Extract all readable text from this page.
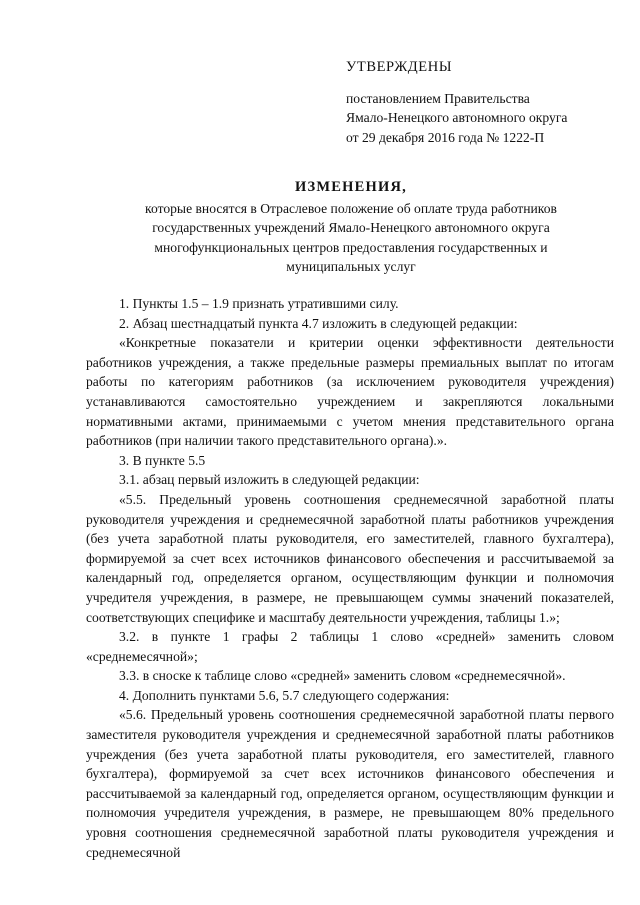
УТВЕРЖДЕНЫ
постановлением Правительства
Ямало-Ненецкого автономного округа
от 29 декабря 2016 года № 1222-П
ИЗМЕНЕНИЯ,
которые вносятся в Отраслевое положение об оплате труда работников
государственных учреждений Ямало-Ненецкого автономного округа
многофункциональных центров предоставления государственных и
муниципальных услуг

1. Пункты 1.5 – 1.9 признать утратившими силу.

2. Абзац шестнадцатый пункта 4.7 изложить в следующей редакции:

«Конкретные показатели и критерии оценки эффективности деятельности работников учреждения, а также предельные размеры премиальных выплат по итогам работы по категориям работников (за исключением руководителя учреждения) устанавливаются самостоятельно учреждением и закрепляются локальными нормативными актами, принимаемыми с учетом мнения представительного органа работников (при наличии такого представительного органа).».

3. В пункте 5.5

3.1. абзац первый изложить в следующей редакции:

«5.5. Предельный уровень соотношения среднемесячной заработной платы руководителя учреждения и среднемесячной заработной платы работников учреждения (без учета заработной платы руководителя, его заместителей, главного бухгалтера), формируемой за счет всех источников финансового обеспечения и рассчитываемой за календарный год, определяется органом, осуществляющим функции и полномочия учредителя учреждения, в размере, не превышающем суммы значений показателей, соответствующих специфике и масштабу деятельности учреждения, таблицы 1.»;

3.2. в пункте 1 графы 2 таблицы 1 слово «средней» заменить словом «среднемесячной»;

3.3. в сноске к таблице слово «средней» заменить словом «среднемесячной».

4. Дополнить пунктами 5.6, 5.7 следующего содержания:

«5.6. Предельный уровень соотношения среднемесячной заработной платы первого заместителя руководителя учреждения и среднемесячной заработной платы работников учреждения (без учета заработной платы руководителя, его заместителей, главного бухгалтера), формируемой за счет всех источников финансового обеспечения и рассчитываемой за календарный год, определяется органом, осуществляющим функции и полномочия учредителя учреждения, в размере, не превышающем 80% предельного уровня соотношения среднемесячной заработной платы руководителя учреждения и среднемесячной
